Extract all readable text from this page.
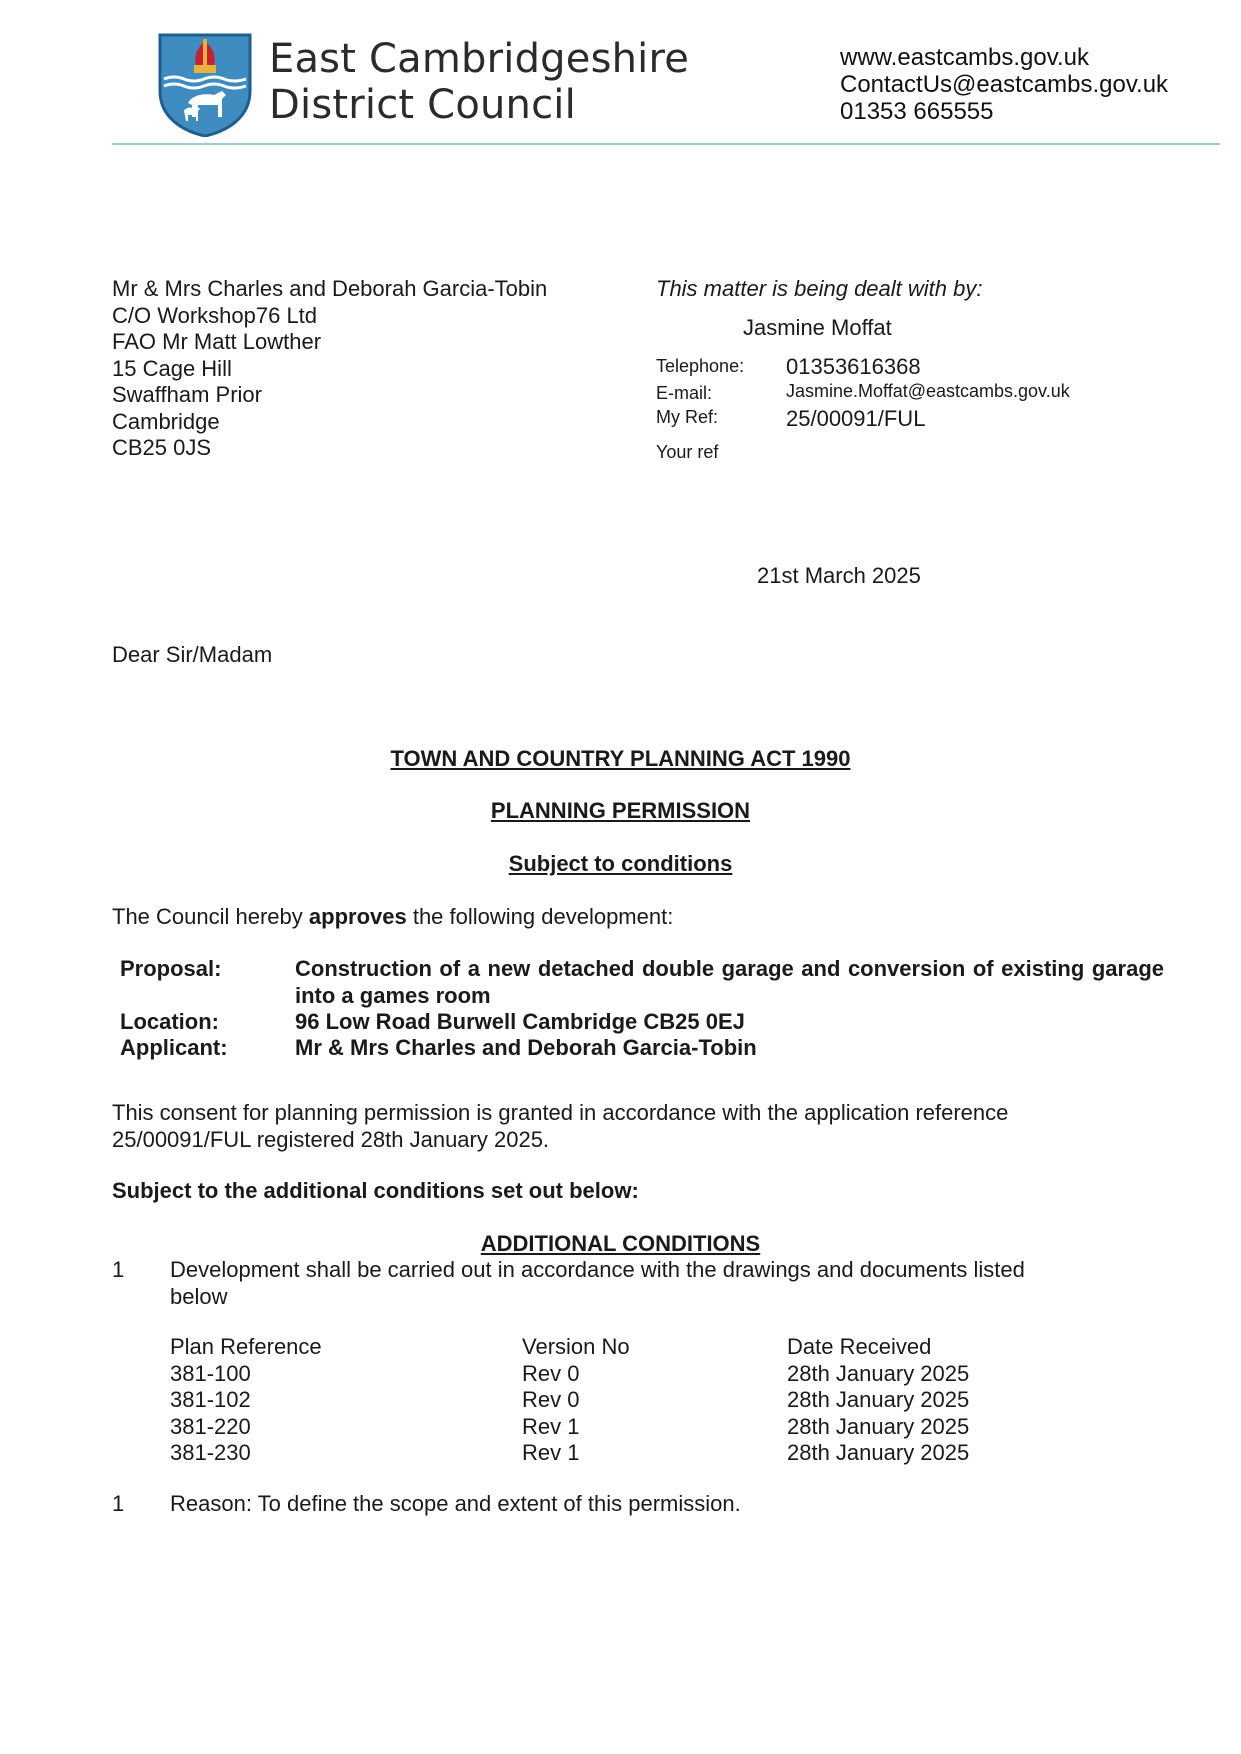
East Cambridgeshire
District Council
www.eastcambs.gov.uk
ContactUs@eastcambs.gov.uk
01353 665555
Mr & Mrs Charles and Deborah Garcia-Tobin
C/O Workshop76 Ltd
FAO Mr Matt Lowther
15 Cage Hill
Swaffham Prior
Cambridge
CB25 0JS
This matter is being dealt with by:
Jasmine Moffat
Telephone: 01353616368
E-mail:	Jasmine.Moffat@eastcambs.gov.uk
My Ref:	25/00091/FUL
Your ref
21st March 2025
Dear Sir/Madam
TOWN AND COUNTRY PLANNING ACT 1990
PLANNING PERMISSION
Subject to conditions
The Council hereby approves the following development:
Proposal:	Construction of a new detached double garage and conversion of existing garage into a games room
Location:	96 Low Road Burwell Cambridge CB25 0EJ
Applicant:	Mr & Mrs Charles and Deborah Garcia-Tobin
This consent for planning permission is granted in accordance with the application reference 25/00091/FUL registered 28th January 2025.
Subject to the additional conditions set out below:
ADDITIONAL CONDITIONS
1 Development shall be carried out in accordance with the drawings and documents listed below
Plan Reference	Version No	Date Received
381-100	Rev 0	28th January 2025
381-102	Rev 0	28th January 2025
381-220	Rev 1	28th January 2025
381-230	Rev 1	28th January 2025
1 Reason: To define the scope and extent of this permission.
